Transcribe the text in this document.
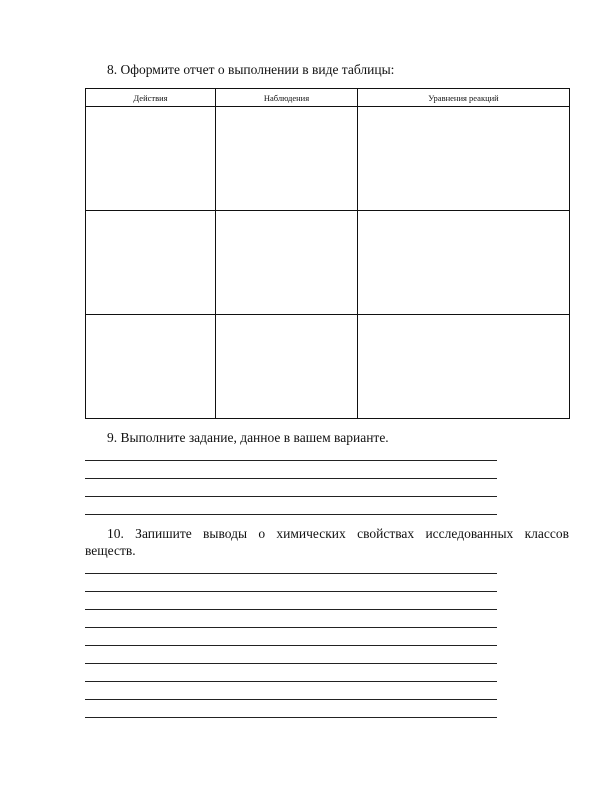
8. Оформите отчет о выполнении в виде таблицы:
Действия	Наблюдения	Уравнения реакций

9. Выполните задание, данное в вашем варианте.
10. Запишите выводы о химических свойствах исследованных классов
веществ.
